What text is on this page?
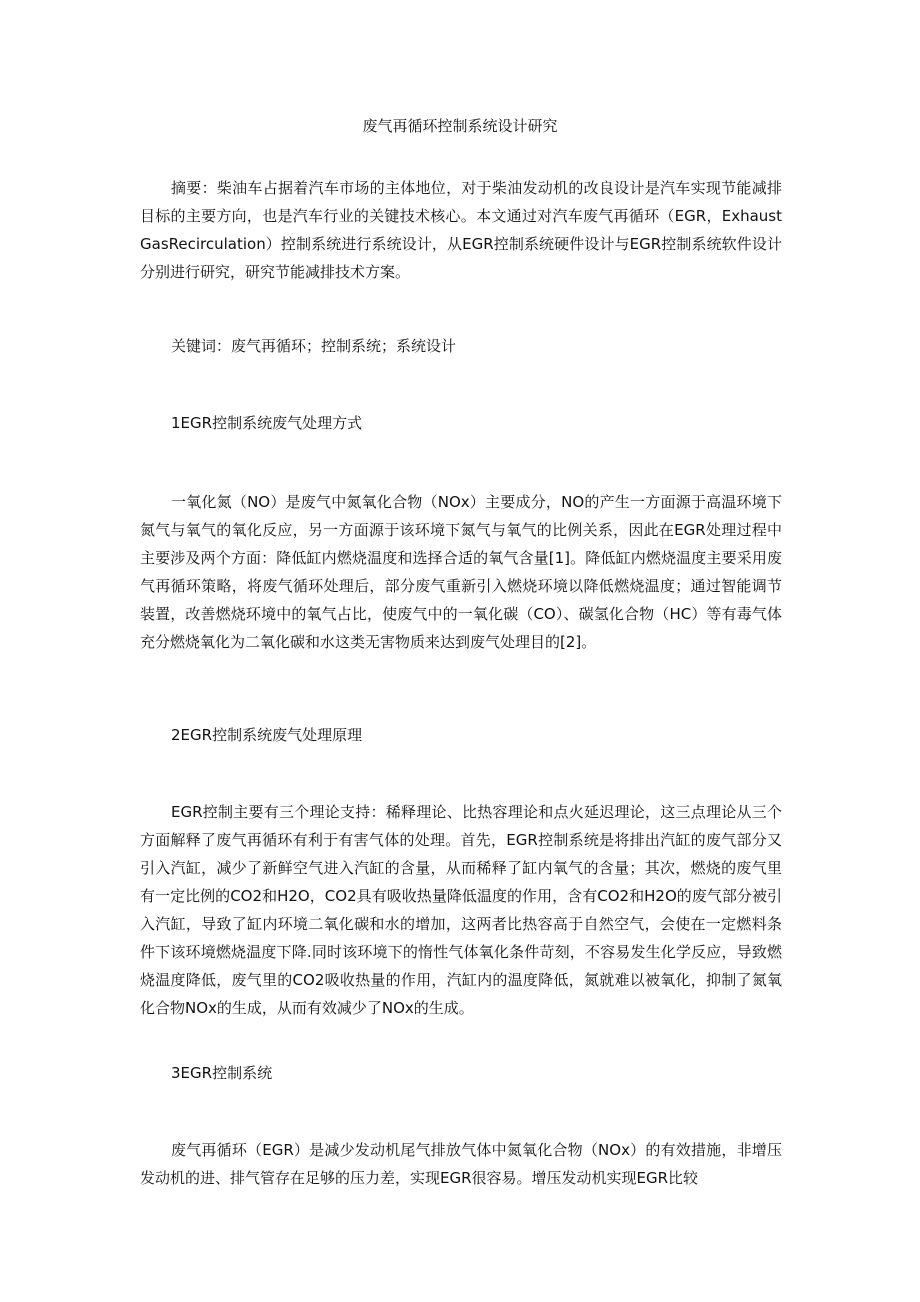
废气再循环控制系统设计研究
摘要：柴油车占据着汽车市场的主体地位，对于柴油发动机的改良设计是汽车实现节能减排目标的主要方向，也是汽车行业的关键技术核心。本文通过对汽车废气再循环（EGR，ExhaustGasRecirculation）控制系统进行系统设计，从EGR控制系统硬件设计与EGR控制系统软件设计分别进行研究，研究节能减排技术方案。
关键词：废气再循环；控制系统；系统设计
1EGR控制系统废气处理方式
一氧化氮（NO）是废气中氮氧化合物（NOx）主要成分，NO的产生一方面源于高温环境下氮气与氧气的氧化反应，另一方面源于该环境下氮气与氧气的比例关系，因此在EGR处理过程中主要涉及两个方面：降低缸内燃烧温度和选择合适的氧气含量[1]。降低缸内燃烧温度主要采用废气再循环策略，将废气循环处理后，部分废气重新引入燃烧环境以降低燃烧温度；通过智能调节装置，改善燃烧环境中的氧气占比，使废气中的一氧化碳（CO）、碳氢化合物（HC）等有毒气体充分燃烧氧化为二氧化碳和水这类无害物质来达到废气处理目的[2]。
2EGR控制系统废气处理原理
EGR控制主要有三个理论支持：稀释理论、比热容理论和点火延迟理论，这三点理论从三个方面解释了废气再循环有利于有害气体的处理。首先，EGR控制系统是将排出汽缸的废气部分又引入汽缸，减少了新鲜空气进入汽缸的含量，从而稀释了缸内氧气的含量；其次，燃烧的废气里有一定比例的CO2和H2O，CO2具有吸收热量降低温度的作用，含有CO2和H2O的废气部分被引入汽缸，导致了缸内环境二氧化碳和水的增加，这两者比热容高于自然空气，会使在一定燃料条件下该环境燃烧温度下降.同时该环境下的惰性气体氧化条件苛刻，不容易发生化学反应，导致燃烧温度降低，废气里的CO2吸收热量的作用，汽缸内的温度降低，氮就难以被氧化，抑制了氮氧化合物NOx的生成，从而有效减少了NOx的生成。
3EGR控制系统
废气再循环（EGR）是减少发动机尾气排放气体中氮氧化合物（NOx）的有效措施，非增压发动机的进、排气管存在足够的压力差，实现EGR很容易。增压发动机实现EGR比较
